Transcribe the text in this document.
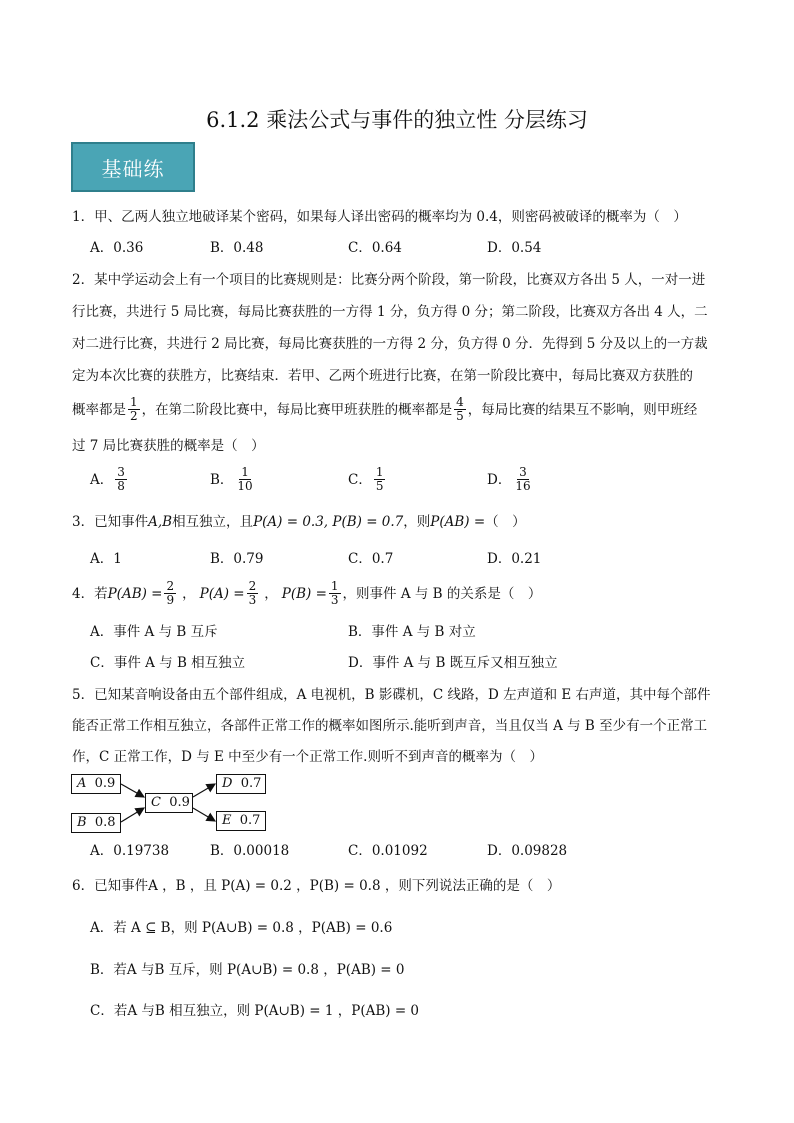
6.1.2 乘法公式与事件的独立性 分层练习
基础练
1．甲、乙两人独立地破译某个密码，如果每人译出密码的概率均为 0.4，则密码被破译的概率为（　）
A．0.36	B．0.48	C．0.64	D．0.54
2．某中学运动会上有一个项目的比赛规则是：比赛分两个阶段，第一阶段，比赛双方各出 5 人，一对一进
行比赛，共进行 5 局比赛，每局比赛获胜的一方得 1 分，负方得 0 分；第二阶段，比赛双方各出 4 人，二
对二进行比赛，共进行 2 局比赛，每局比赛获胜的一方得 2 分，负方得 0 分．先得到 5 分及以上的一方裁
定为本次比赛的获胜方，比赛结束．若甲、乙两个班进行比赛，在第一阶段比赛中，每局比赛双方获胜的
概率都是 $\frac{1}{2}$ ，在第二阶段比赛中，每局比赛甲班获胜的概率都是 $\frac{4}{5}$ ，每局比赛的结果互不影响，则甲班经
过 7 局比赛获胜的概率是（　）
A． $\frac{3}{8}$	B． $\frac{1}{10}$	C． $\frac{1}{5}$	D． $\frac{3}{16}$
3．已知事件A,B相互独立，且P(A) = 0.3, P(B) = 0.7，则P(AB) =（　）
A．1	B．0.79	C．0.7	D．0.21
4．若 $P(AB) = \frac{2}{9}$ ， $P(A) = \frac{2}{3}$ ， $P(B) = \frac{1}{3}$ ，则事件 A 与 B 的关系是（　）
A．事件 A 与 B 互斥	B．事件 A 与 B 对立
C．事件 A 与 B 相互独立	D．事件 A 与 B 既互斥又相互独立
5．已知某音响设备由五个部件组成，A 电视机，B 影碟机，C 线路，D 左声道和 E 右声道，其中每个部件
能否正常工作相互独立，各部件正常工作的概率如图所示.能听到声音，当且仅当 A 与 B 至少有一个正常工
作，C 正常工作，D 与 E 中至少有一个正常工作.则听不到声音的概率为（　）
A 0.9
B 0.8
C 0.9
D 0.7
E 0.7
A．0.19738	B．0.00018	C．0.01092	D．0.09828
6．已知事件A ，B ，且 P(A) = 0.2 ，P(B) = 0.8 ，则下列说法正确的是（　）
A．若 A ⊆ B，则 P(A∪B) = 0.8 ，P(AB) = 0.6
B．若A 与B 互斥，则 P(A∪B) = 0.8 ，P(AB) = 0
C．若A 与B 相互独立，则 P(A∪B) = 1 ，P(AB) = 0
